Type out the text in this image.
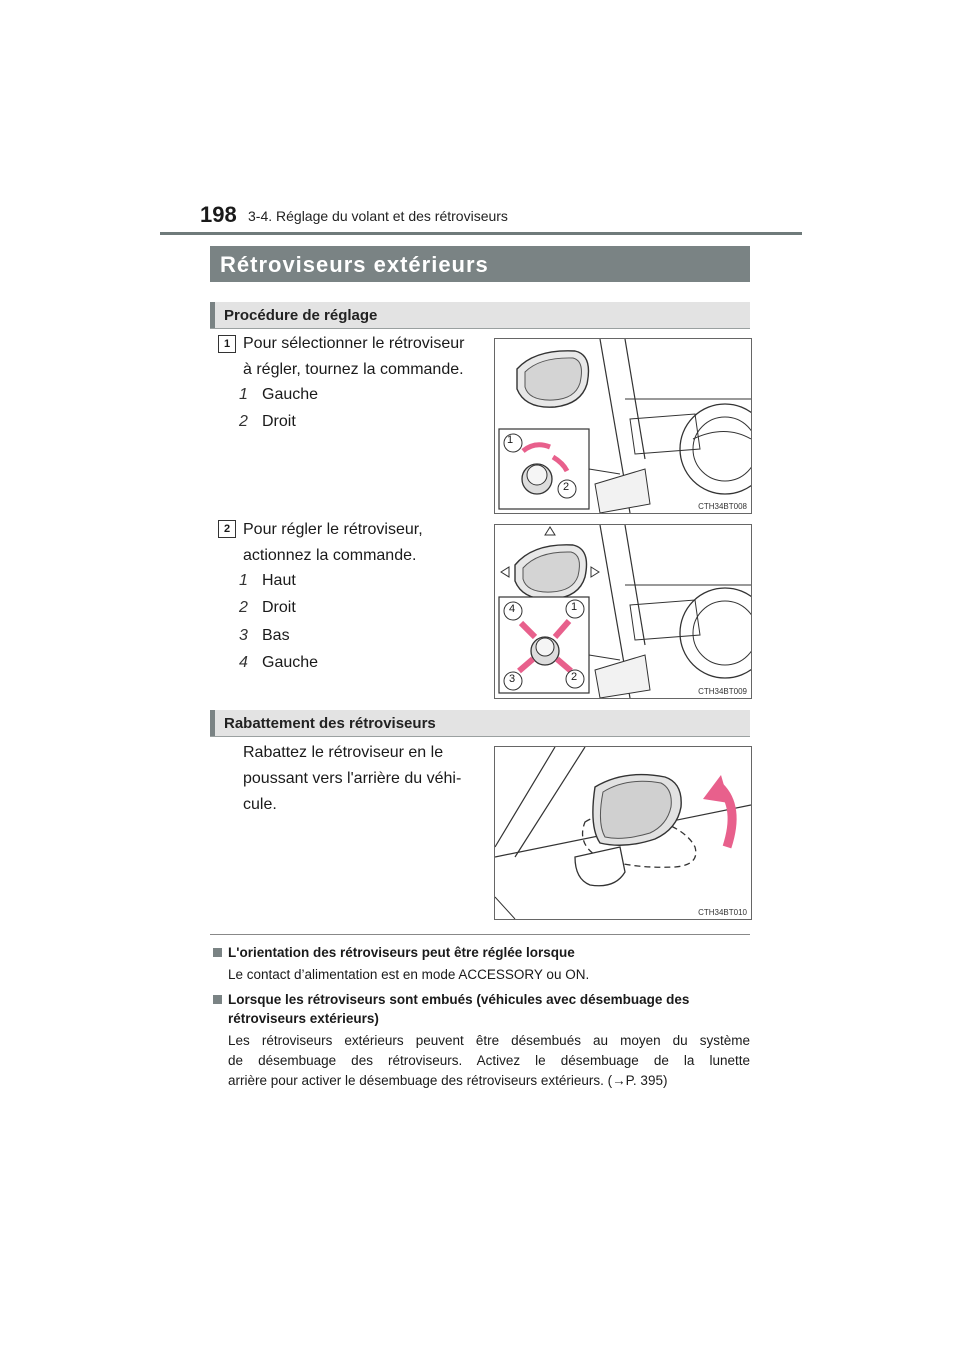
198 3-4. Réglage du volant et des rétroviseurs
Rétroviseurs extérieurs
Procédure de réglage
1 Pour sélectionner le rétroviseur
à régler, tournez la commande.
1 Gauche
2 Droit
1
2
CTH34BT008
2 Pour régler le rétroviseur,
actionnez la commande.
1 Haut
2 Droit
3 Bas
4 Gauche
1
2
3
4
CTH34BT009
Rabattement des rétroviseurs
Rabattez le rétroviseur en le
poussant vers l'arrière du véhi-
cule.
CTH34BT010
L'orientation des rétroviseurs peut être réglée lorsque
Le contact d’alimentation est en mode ACCESSORY ou ON.
Lorsque les rétroviseurs sont embués (véhicules avec désembuage des
rétroviseurs extérieurs)
Les rétroviseurs extérieurs peuvent être désembués au moyen du système
de désembuage des rétroviseurs. Activez le désembuage de la lunette
arrière pour activer le désembuage des rétroviseurs extérieurs. (→P. 395)
